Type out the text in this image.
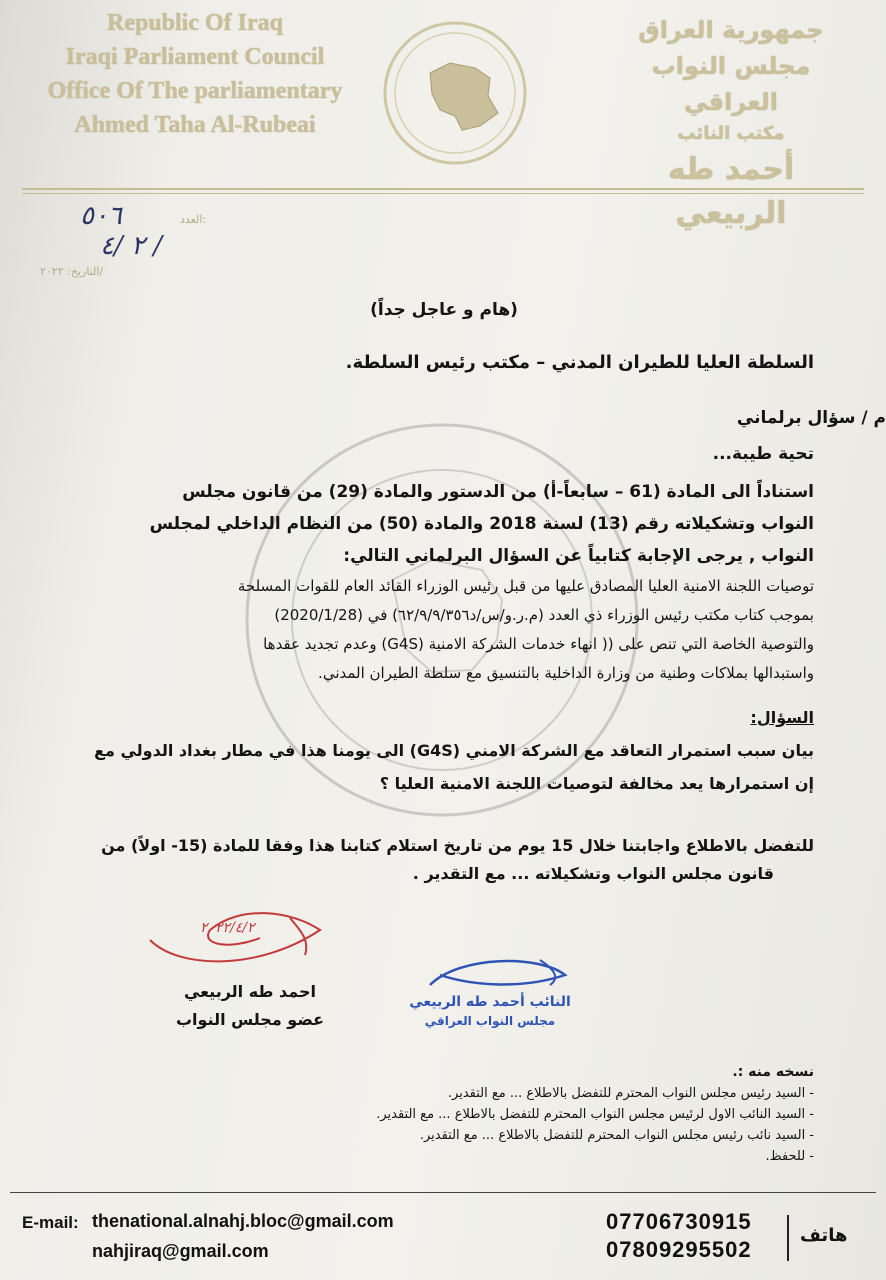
Republic Of Iraq
Iraqi Parliament Council
Office Of The parliamentary
Ahmed Taha Al-Rubeai
جمهورية العراق
مجلس النواب العراقي
مكتب النائب
أحمد طه الربيعي
٥٠٦	العدد:
٢ /٤ /
التاريخ: ٢٠٢٢/
(هام و عاجل جداً)
السلطة العليا للطيران المدني – مكتب رئيس السلطة.
م / سؤال برلماني
تحية طيبة...
استناداً الى المادة (61 – سابعاً-أ) من الدستور والمادة (29) من قانون مجلس
النواب وتشكيلاته رقم (13) لسنة 2018 والمادة (50) من النظام الداخلي لمجلس
النواب , يرجى الإجابة كتابياً عن السؤال البرلماني التالي:
توصيات اللجنة الامنية العليا المصادق عليها من قبل رئيس الوزراء القائد العام للقوات المسلحة
بموجب كتاب مكتب رئيس الوزراء ذي العدد (م.ر.و/س/د٦٢/٩/٩/٣٥٦) في (2020/1/28)
والتوصية الخاصة التي تنص على (( انهاء خدمات الشركة الامنية (G4S) وعدم تجديد عقدها
واستبدالها بملاكات وطنية من وزارة الداخلية بالتنسيق مع سلطة الطيران المدني.
السؤال:
بيان سبب استمرار التعاقد مع الشركة الامني (G4S) الى يومنا هذا في مطار بغداد الدولي مع
إن استمرارها يعد مخالفة لتوصيات اللجنة الامنية العليا ؟
للتفضل بالاطلاع واجابتنا خلال 15 يوم من تاريخ استلام كتابنا هذا وفقا للمادة (15- اولاً) من
قانون مجلس النواب وتشكيلاته ... مع التقدير .
٢٠٢٢/٤/٢
احمد طه الربيعي
عضو مجلس النواب
النائب أحمد طه الربيعي
مجلس النواب العراقي
نسخه منه :.
- السيد رئيس مجلس النواب المحترم للتفضل بالاطلاع ... مع التقدير.
- السيد النائب الاول لرئيس مجلس النواب المحترم للتفضل بالاطلاع ... مع التقدير.
- السيد نائب رئيس مجلس النواب المحترم للتفضل بالاطلاع ... مع التقدير.
- للحفظ.
E-mail: thenational.alnahj.bloc@gmail.com
nahjiraq@gmail.com
07706730915
07809295502
هاتف
